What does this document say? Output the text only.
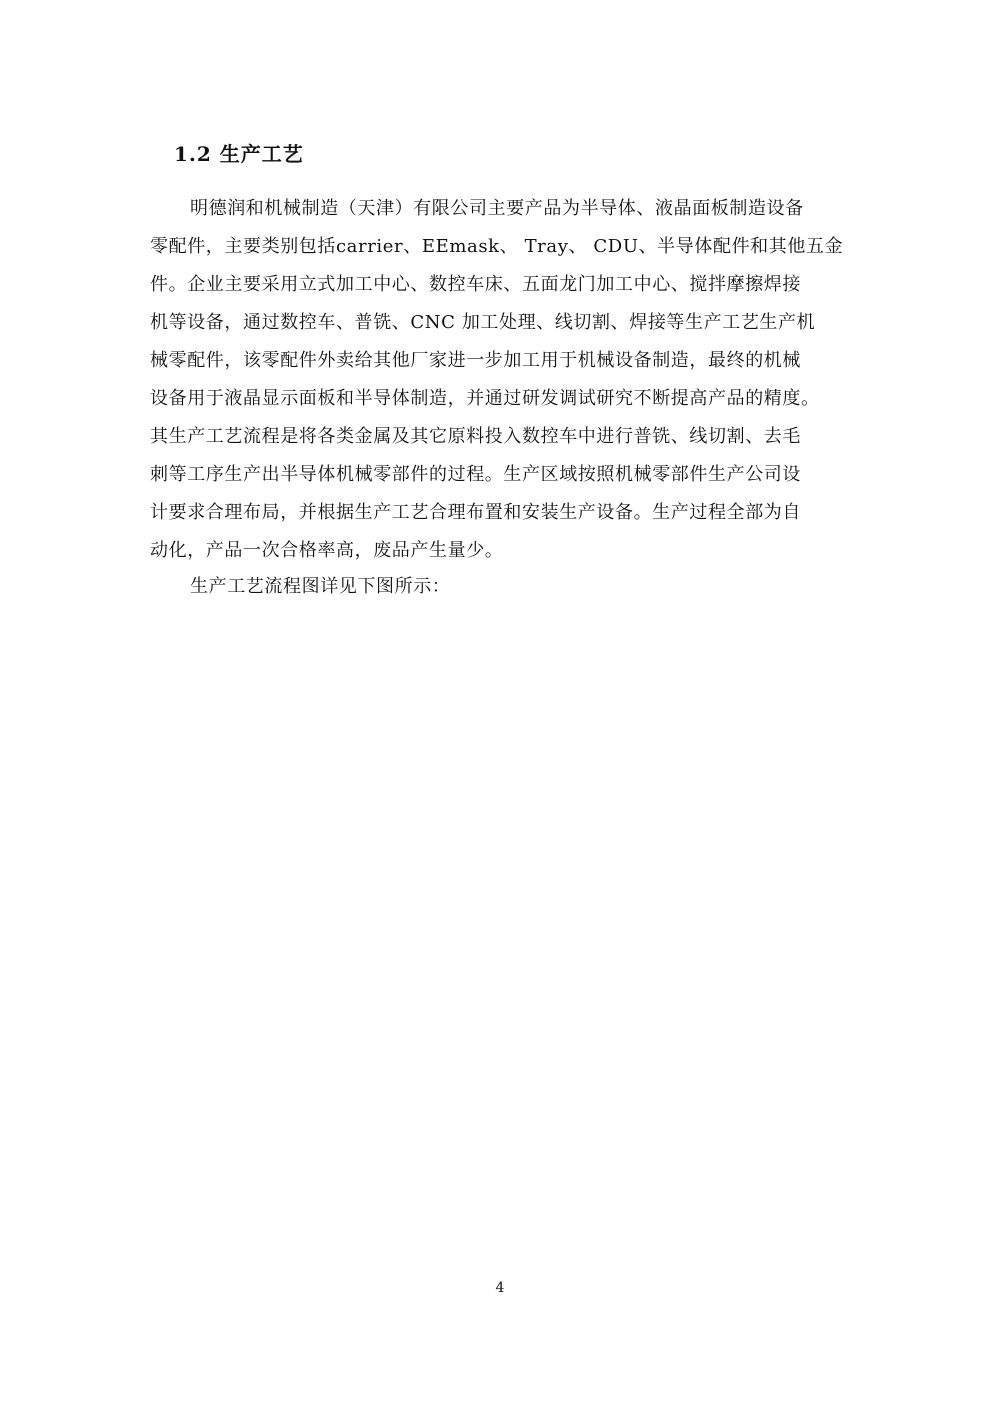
1.2 生产工艺
明德润和机械制造（天津）有限公司主要产品为半导体、液晶面板制造设备
零配件，主要类别包括carrier、EEmask、 Tray、 CDU、半导体配件和其他五金
件。企业主要采用立式加工中心、数控车床、五面龙门加工中心、搅拌摩擦焊接
机等设备，通过数控车、普铣、CNC 加工处理、线切割、焊接等生产工艺生产机
械零配件，该零配件外卖给其他厂家进一步加工用于机械设备制造，最终的机械
设备用于液晶显示面板和半导体制造，并通过研发调试研究不断提高产品的精度。
其生产工艺流程是将各类金属及其它原料投入数控车中进行普铣、线切割、去毛
刺等工序生产出半导体机械零部件的过程。生产区域按照机械零部件生产公司设
计要求合理布局，并根据生产工艺合理布置和安装生产设备。生产过程全部为自
动化，产品一次合格率高，废品产生量少。

生产工艺流程图详见下图所示：

4
